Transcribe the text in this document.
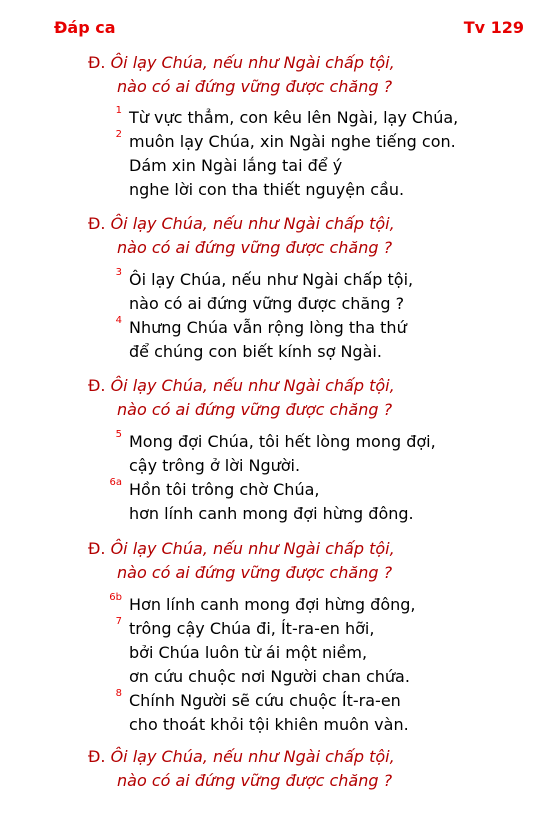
Đáp ca	Tv 129
Đ. Ôi lạy Chúa, nếu như Ngài chấp tội,
nào có ai đứng vững được chăng ?
1 Từ vực thẳm, con kêu lên Ngài, lạy Chúa,
2 muôn lạy Chúa, xin Ngài nghe tiếng con.
Dám xin Ngài lắng tai để ý
nghe lời con tha thiết nguyện cầu.
Đ. Ôi lạy Chúa, nếu như Ngài chấp tội,
nào có ai đứng vững được chăng ?
3 Ôi lạy Chúa, nếu như Ngài chấp tội,
nào có ai đứng vững được chăng ?
4 Nhưng Chúa vẫn rộng lòng tha thứ
để chúng con biết kính sợ Ngài.
Đ. Ôi lạy Chúa, nếu như Ngài chấp tội,
nào có ai đứng vững được chăng ?
5 Mong đợi Chúa, tôi hết lòng mong đợi,
cậy trông ở lời Người.
6a Hồn tôi trông chờ Chúa,
hơn lính canh mong đợi hừng đông.
Đ. Ôi lạy Chúa, nếu như Ngài chấp tội,
nào có ai đứng vững được chăng ?
6b Hơn lính canh mong đợi hừng đông,
7 trông cậy Chúa đi, Ít-ra-en hỡi,
bởi Chúa luôn từ ái một niềm,
ơn cứu chuộc nơi Người chan chứa.
8 Chính Người sẽ cứu chuộc Ít-ra-en
cho thoát khỏi tội khiên muôn vàn.
Đ. Ôi lạy Chúa, nếu như Ngài chấp tội,
nào có ai đứng vững được chăng ?
